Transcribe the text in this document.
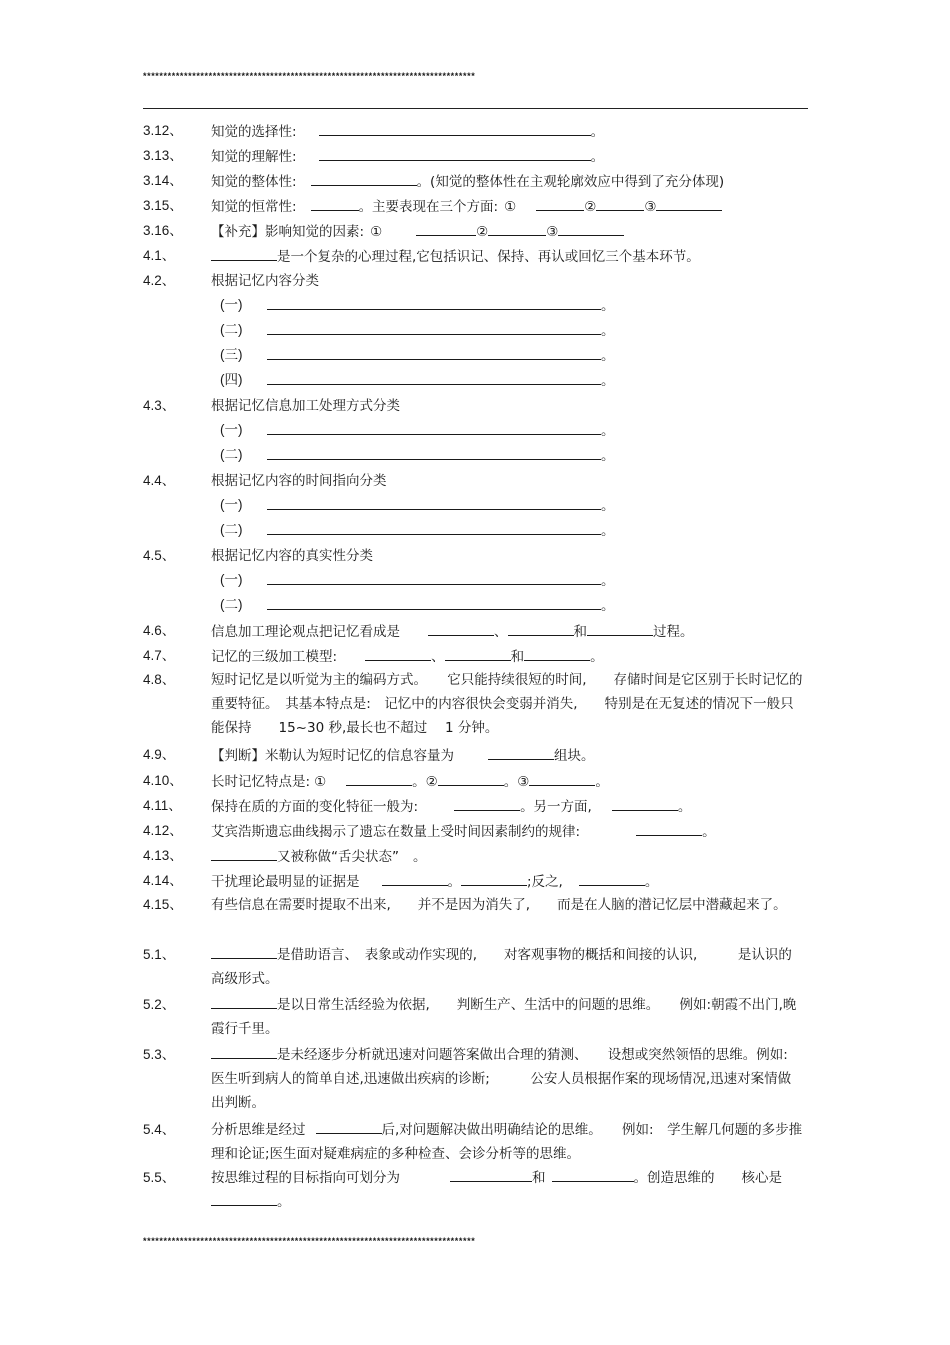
*********************************************************************************
3.12、 知觉的选择性:	。
3.13、 知觉的理解性:	。
3.14、 知觉的整体性:	。(知觉的整体性在主观轮廓效应中得到了充分体现)
3.15、 知觉的恒常性:	。主要表现在三个方面: ①	②	③
3.16、 【补充】影响知觉的因素: ①	②	③
4.1、	是一个复杂的心理过程,它包括识记、保持、再认或回忆三个基本环节。
4.2、	根据记忆内容分类
(一)	。
(二)	。
(三)	。
(四)	。
4.3、	根据记忆信息加工处理方式分类
(一)	。
(二)	。
4.4、	根据记忆内容的时间指向分类
(一)	。
(二)	。
4.5、	根据记忆内容的真实性分类
(一)	。
(二)	。
4.6、	信息加工理论观点把记忆看成是	、	和	过程。
4.7、	记忆的三级加工模型:	、	和	。
4.8、	短时记忆是以听觉为主的编码方式。　　它只能持续很短的时间,　　存储时间是它区别于长时记忆的重要特征。　其基本特点是:　记忆中的内容很快会变弱并消失,　　特别是在无复述的情况下一般只能保持　　15~30 秒,最长也不超过　 1 分钟。
4.9、	【判断】米勒认为短时记忆的信息容量为	组块。
4.10、 长时记忆特点是: ①	。②	。③	。
4.11、 保持在质的方面的变化特征一般为:	。另一方面,	。
4.12、 艾宾浩斯遗忘曲线揭示了遗忘在数量上受时间因素制约的规律:	。
4.13、	又被称做“舌尖状态” 。
4.14、 干扰理论最明显的证据是	。	;反之,	。
4.15、 有些信息在需要时提取不出来,　　并不是因为消失了,　　而是在人脑的潜记忆层中潜藏起来了。
5.1、	是借助语言、　表象或动作实现的,　　对客观事物的概括和间接的认识,　　　是认识的高级形式。
5.2、	是以日常生活经验为依据,　　判断生产、生活中的问题的思维。　　例如:朝霞不出门,晚霞行千里。
5.3、	是未经逐步分析就迅速对问题答案做出合理的猜测、　　设想或突然领悟的思维。例如:　医生听到病人的简单自述,迅速做出疾病的诊断;　　　公安人员根据作案的现场情况,迅速对案情做出判断。
5.4、	分析思维是经过	后,对问题解决做出明确结论的思维。　　例如:　学生解几何题的多步推理和论证;医生面对疑难病症的多种检查、会诊分析等的思维。
5.5、	按思维过程的目标指向可划分为	和	。创造思维的　　核心是。
*********************************************************************************
